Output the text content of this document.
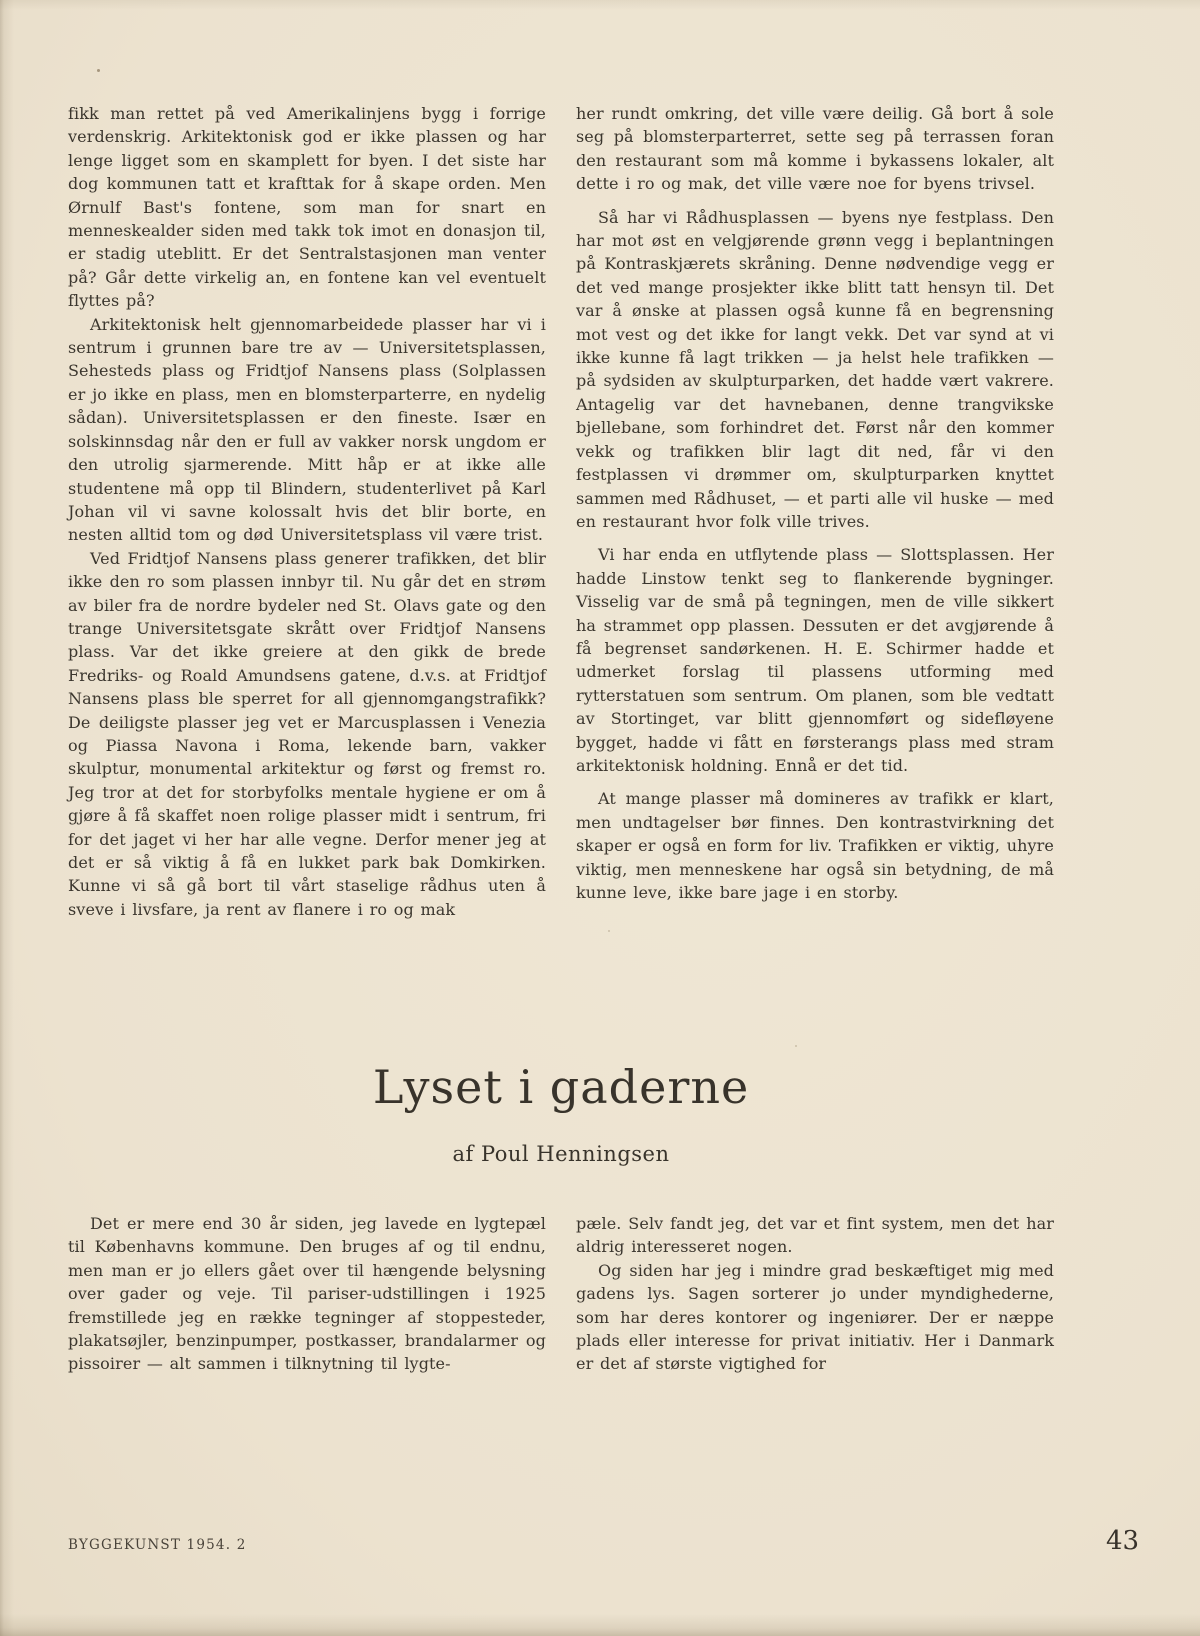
fikk man rettet på ved Amerikalinjens bygg i forrige verdenskrig. Arkitektonisk god er ikke plassen og har lenge ligget som en skamplett for byen. I det siste har dog kommunen tatt et krafttak for å skape orden. Men Ørnulf Bast's fontene, som man for snart en menneskealder siden med takk tok imot en donasjon til, er stadig uteblitt. Er det Sentralstasjonen man venter på? Går dette virkelig an, en fontene kan vel eventuelt flyttes på?

Arkitektonisk helt gjennomarbeidede plasser har vi i sentrum i grunnen bare tre av — Universitetsplassen, Sehesteds plass og Fridtjof Nansens plass (Solplassen er jo ikke en plass, men en blomsterparterre, en nydelig sådan). Universitetsplassen er den fineste. Især en solskinnsdag når den er full av vakker norsk ungdom er den utrolig sjarmerende. Mitt håp er at ikke alle studentene må opp til Blindern, studenterlivet på Karl Johan vil vi savne kolossalt hvis det blir borte, en nesten alltid tom og død Universitetsplass vil være trist.

Ved Fridtjof Nansens plass generer trafikken, det blir ikke den ro som plassen innbyr til. Nu går det en strøm av biler fra de nordre bydeler ned St. Olavs gate og den trange Universitetsgate skrått over Fridtjof Nansens plass. Var det ikke greiere at den gikk de brede Fredriks- og Roald Amundsens gatene, d.v.s. at Fridtjof Nansens plass ble sperret for all gjennomgangstrafikk? De deiligste plasser jeg vet er Marcusplassen i Venezia og Piassa Navona i Roma, lekende barn, vakker skulptur, monumental arkitektur og først og fremst ro. Jeg tror at det for storbyfolks mentale hygiene er om å gjøre å få skaffet noen rolige plasser midt i sentrum, fri for det jaget vi her har alle vegne. Derfor mener jeg at det er så viktig å få en lukket park bak Domkirken. Kunne vi så gå bort til vårt staselige rådhus uten å sveve i livsfare, ja rent av flanere i ro og mak

her rundt omkring, det ville være deilig. Gå bort å sole seg på blomsterparterret, sette seg på terrassen foran den restaurant som må komme i bykassens lokaler, alt dette i ro og mak, det ville være noe for byens trivsel.

Så har vi Rådhusplassen — byens nye festplass. Den har mot øst en velgjørende grønn vegg i beplantningen på Kontraskjærets skråning. Denne nødvendige vegg er det ved mange prosjekter ikke blitt tatt hensyn til. Det var å ønske at plassen også kunne få en begrensning mot vest og det ikke for langt vekk. Det var synd at vi ikke kunne få lagt trikken — ja helst hele trafikken — på sydsiden av skulpturparken, det hadde vært vakrere. Antagelig var det havnebanen, denne trangvikske bjellebane, som forhindret det. Først når den kommer vekk og trafikken blir lagt dit ned, får vi den festplassen vi drømmer om, skulpturparken knyttet sammen med Rådhuset, — et parti alle vil huske — med en restaurant hvor folk ville trives.

Vi har enda en utflytende plass — Slottsplassen. Her hadde Linstow tenkt seg to flankerende bygninger. Visselig var de små på tegningen, men de ville sikkert ha strammet opp plassen. Dessuten er det avgjørende å få begrenset sandørkenen. H. E. Schirmer hadde et udmerket forslag til plassens utforming med rytterstatuen som sentrum. Om planen, som ble vedtatt av Stortinget, var blitt gjennomført og sidefløyene bygget, hadde vi fått en førsterangs plass med stram arkitektonisk holdning. Ennå er det tid.

At mange plasser må domineres av trafikk er klart, men undtagelser bør finnes. Den kontrastvirkning det skaper er også en form for liv. Trafikken er viktig, uhyre viktig, men menneskene har også sin betydning, de må kunne leve, ikke bare jage i en storby.

Lyset i gaderne
af Poul Henningsen

Det er mere end 30 år siden, jeg lavede en lygtepæl til Københavns kommune. Den bruges af og til endnu, men man er jo ellers gået over til hængende belysning over gader og veje. Til pariser-udstillingen i 1925 fremstillede jeg en række tegninger af stoppesteder, plakatsøjler, benzinpumper, postkasser, brandalarmer og pissoirer — alt sammen i tilknytning til lygte-

pæle. Selv fandt jeg, det var et fint system, men det har aldrig interesseret nogen.

Og siden har jeg i mindre grad beskæftiget mig med gadens lys. Sagen sorterer jo under myndighederne, som har deres kontorer og ingeniører. Der er næppe plads eller interesse for privat initiativ. Her i Danmark er det af største vigtighed for

BYGGEKUNST 1954. 2	43
